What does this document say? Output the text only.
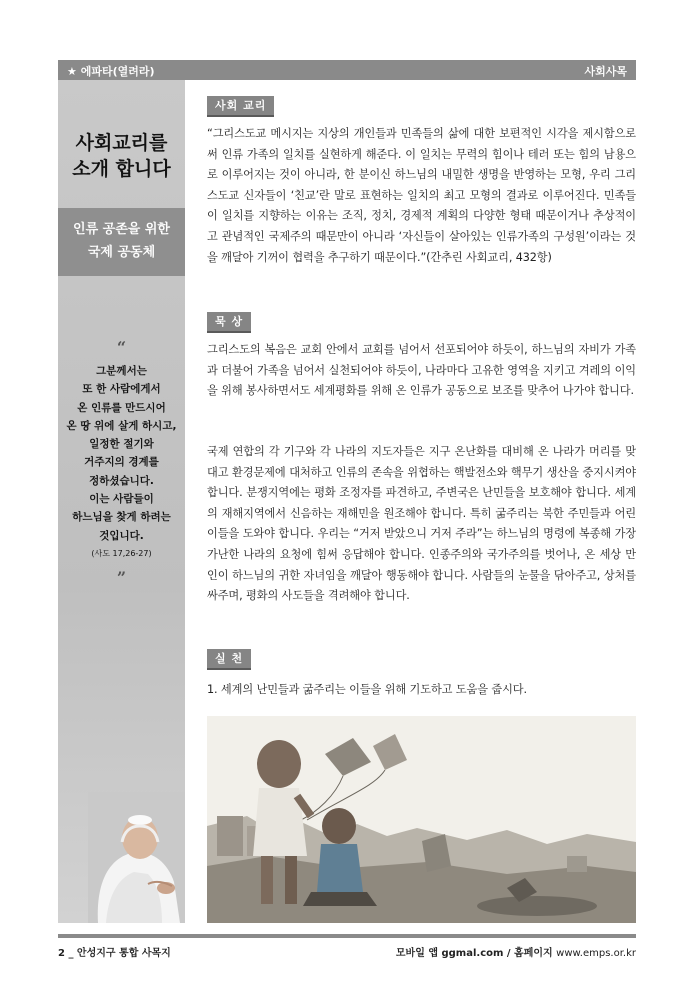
★ 에파타(열려라)	사회사목
사회교리를
소개 합니다
인류 공존을 위한
국제 공동체
“
그분께서는
또 한 사람에게서
온 인류를 만드시어
온 땅 위에 살게 하시고,
일정한 절기와
거주지의 경계를
정하셨습니다.
이는 사람들이
하느님을 찾게 하려는
것입니다.
(사도 17,26-27)
”
사회 교리
“그리스도교 메시지는 지상의 개인들과 민족들의 삶에 대한 보편적인 시각을 제시함으로써 인류 가족의 일치를 실현하게 해준다. 이 일치는 무력의 힘이나 테러 또는 힘의 남용으로 이루어지는 것이 아니라, 한 분이신 하느님의 내밀한 생명을 반영하는 모형, 우리 그리스도교 신자들이 ‘친교’란 말로 표현하는 일치의 최고 모형의 결과로 이루어진다. 민족들이 일치를 지향하는 이유는 조직, 정치, 경제적 계획의 다양한 형태 때문이거나 추상적이고 관념적인 국제주의 때문만이 아니라 ‘자신들이 살아있는 인류가족의 구성원’이라는 것을 깨달아 기꺼이 협력을 추구하기 때문이다.”(간추린 사회교리, 432항)
묵 상
그리스도의 복음은 교회 안에서 교회를 넘어서 선포되어야 하듯이, 하느님의 자비가 가족과 더불어 가족을 넘어서 실천되어야 하듯이, 나라마다 고유한 영역을 지키고 겨레의 이익을 위해 봉사하면서도 세계평화를 위해 온 인류가 공동으로 보조를 맞추어 나가야 합니다.
국제 연합의 각 기구와 각 나라의 지도자들은 지구 온난화를 대비해 온 나라가 머리를 맞대고 환경문제에 대처하고 인류의 존속을 위협하는 핵발전소와 핵무기 생산을 중지시켜야 합니다. 분쟁지역에는 평화 조정자를 파견하고, 주변국은 난민들을 보호해야 합니다. 세계의 재해지역에서 신음하는 재해민을 원조해야 합니다. 특히 굶주리는 북한 주민들과 어린이들을 도와야 합니다. 우리는 “거저 받았으니 거저 주라”는 하느님의 명령에 복종해 가장 가난한 나라의 요청에 힘써 응답해야 합니다. 인종주의와 국가주의를 벗어나, 온 세상 만인이 하느님의 귀한 자녀임을 깨달아 행동해야 합니다. 사람들의 눈물을 닦아주고, 상처를 싸주며, 평화의 사도들을 격려해야 합니다.
실 천
1. 세계의 난민들과 굶주리는 이들을 위해 기도하고 도움을 줍시다.
2 _ 안성지구 통합 사목지	모바일 앱 ggmal.com / 홈페이지 www.emps.or.kr
